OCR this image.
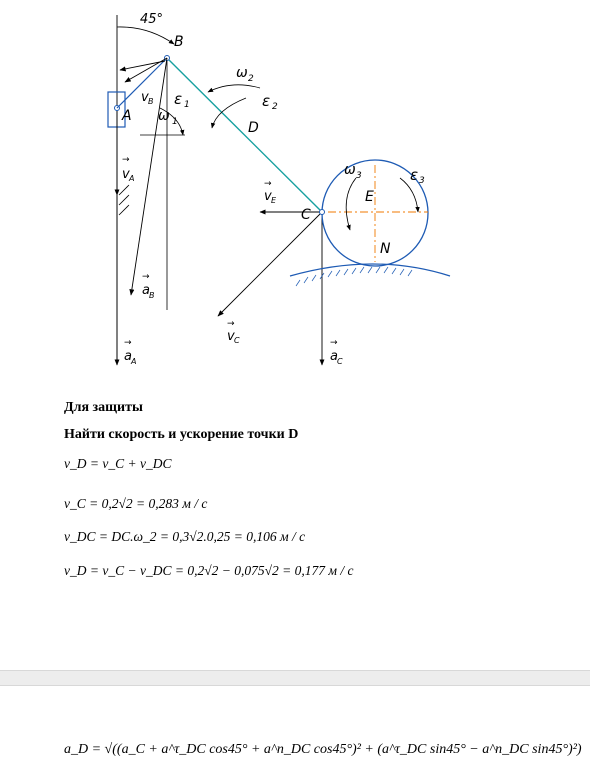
45°
B
A
C
D
E
N
ω 1
ε 1
ω 2
ε 2
ω 3	ε 3
v B
v A
→
v E
→
v C
→
a A
→
a B
→
a C
→
Для защиты
Найти скорость и ускорение точки D
v_D = v_C + v_DC
v_C = 0,2√2 = 0,283 м / с
v_DC = DC.ω_2 = 0,3√2.0,25 = 0,106 м / с
v_D = v_C − v_DC = 0,2√2 − 0,075√2 = 0,177 м / с
a_D = √((a_C + a^τ_DC cos45° + a^n_DC cos45°)² + (a^τ_DC sin45° − a^n_DC sin45°)²)
